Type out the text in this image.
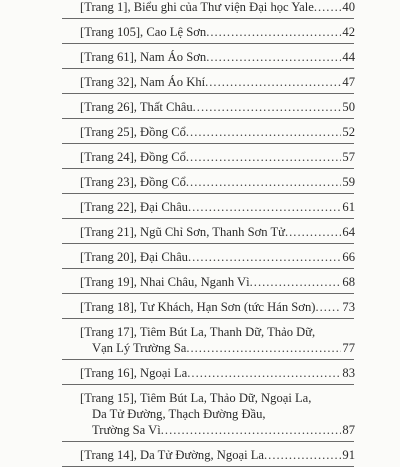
[Trang 1], Biểu ghi của Thư viện Đại học Yale ..... 40
[Trang 105], Cao Lệ Sơn .....	42
[Trang 61], Nam Áo Sơn .....	44
[Trang 32], Nam Áo Khí .....	47
[Trang 26], Thất Châu .....	50
[Trang 25], Đồng Cổ .....	52
[Trang 24], Đồng Cổ .....	57
[Trang 23], Đồng Cổ .....	59
[Trang 22], Đại Châu .....	61
[Trang 21], Ngũ Chỉ Sơn, Thanh Sơn Tử .....	64
[Trang 20], Đại Châu .....	66
[Trang 19], Nhai Châu, Nganh Vì .....	68
[Trang 18], Tư Khách, Hạn Sơn (tức Hán Sơn) ..... 73
[Trang 17], Tiêm Bút La, Thanh Dữ, Thảo Dữ,
Vạn Lý Trường Sa .....	77
[Trang 16], Ngoại La .....	83
[Trang 15], Tiêm Bút La, Thảo Dữ, Ngoại La,
Da Tử Đường, Thạch Đường Đầu,
Trường Sa Vì .....	87
[Trang 14], Da Tử Đường, Ngoại La .....	91
